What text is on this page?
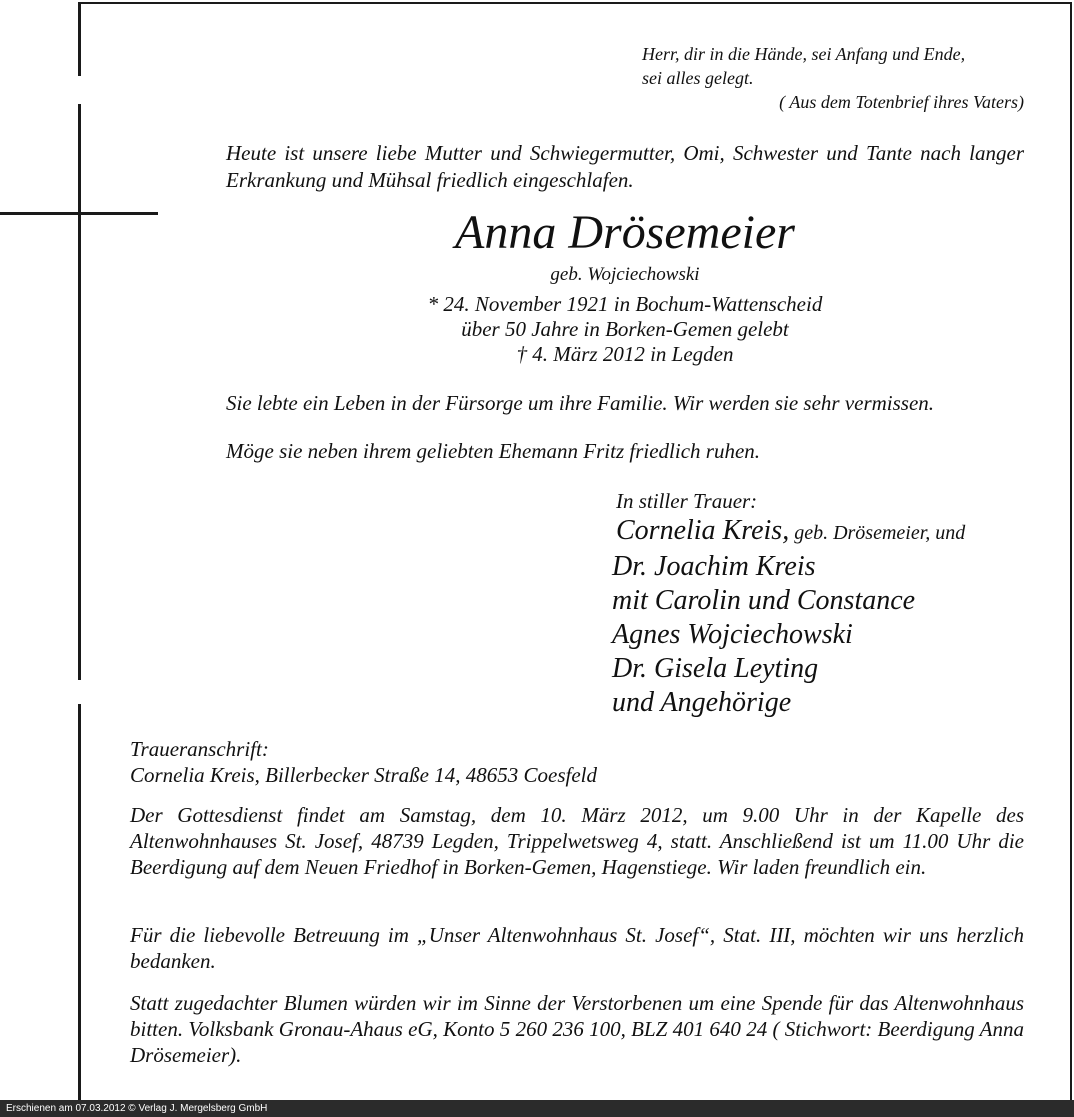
Herr, dir in die Hände, sei Anfang und Ende,
sei alles gelegt.
( Aus dem Totenbrief ihres Vaters)
Heute ist unsere liebe Mutter und Schwiegermutter, Omi, Schwester und Tante nach langer Erkrankung und Mühsal friedlich eingeschlafen.
Anna Drösemeier
geb. Wojciechowski
* 24. November 1921 in Bochum-Wattenscheid
über 50 Jahre in Borken-Gemen gelebt
† 4. März 2012 in Legden
Sie lebte ein Leben in der Fürsorge um ihre Familie. Wir werden sie sehr vermissen.
Möge sie neben ihrem geliebten Ehemann Fritz friedlich ruhen.
In stiller Trauer:
Cornelia Kreis, geb. Drösemeier, und
Dr. Joachim Kreis
mit Carolin und Constance
Agnes Wojciechowski
Dr. Gisela Leyting
und Angehörige
Traueranschrift:
Cornelia Kreis, Billerbecker Straße 14, 48653 Coesfeld
Der Gottesdienst findet am Samstag, dem 10. März 2012, um 9.00 Uhr in der Kapelle des Altenwohnhauses St. Josef, 48739 Legden, Trippelwetsweg 4, statt. Anschließend ist um 11.00 Uhr die Beerdigung auf dem Neuen Friedhof in Borken-Gemen, Hagenstiege. Wir laden freundlich ein.
Für die liebevolle Betreuung im „Unser Altenwohnhaus St. Josef“, Stat. III, möchten wir uns herzlich bedanken.
Statt zugedachter Blumen würden wir im Sinne der Verstorbenen um eine Spende für das Altenwohnhaus bitten. Volksbank Gronau-Ahaus eG, Konto 5 260 236 100, BLZ 401 640 24 ( Stichwort: Beerdigung Anna Drösemeier).
Erschienen am 07.03.2012 © Verlag J. Mergelsberg GmbH
